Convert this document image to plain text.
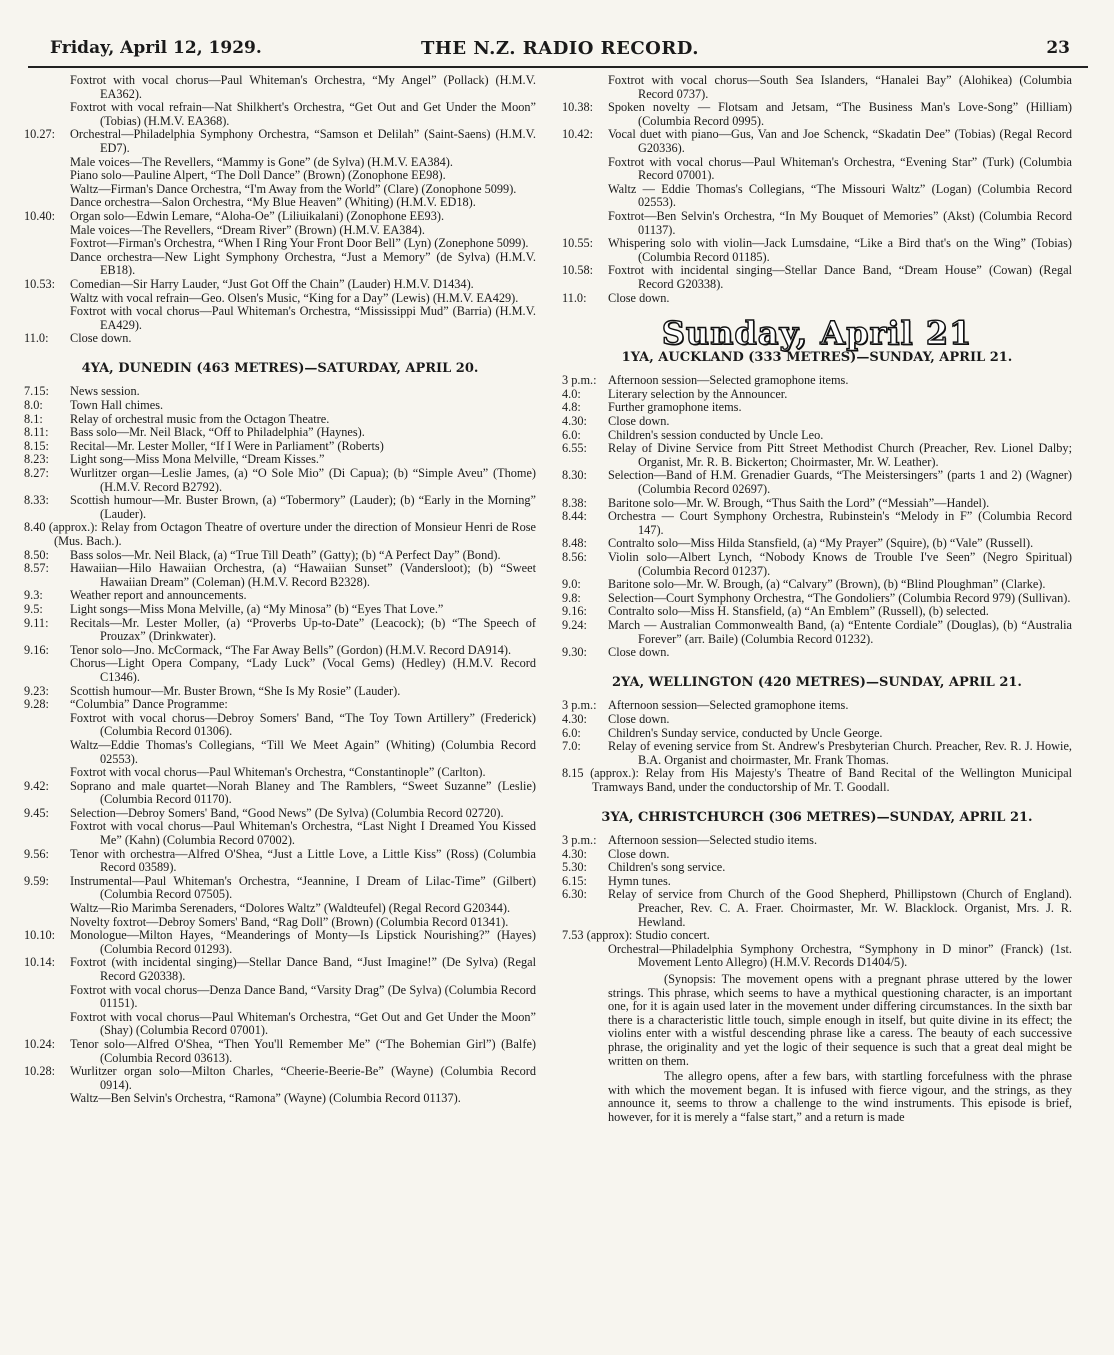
Friday, April 12, 1929.	THE N.Z. RADIO RECORD.	23
Foxtrot with vocal chorus—Paul Whiteman's Orchestra, “My Angel” (Pollack) (H.M.V. EA362).
Foxtrot with vocal refrain—Nat Shilkhert's Orchestra, “Get Out and Get Under the Moon” (Tobias) (H.M.V. EA368).
10.27: Orchestral—Philadelphia Symphony Orchestra, “Samson et Delilah” (Saint-Saens) (H.M.V. ED7).
Male voices—The Revellers, “Mammy is Gone” (de Sylva) (H.M.V. EA384).
Piano solo—Pauline Alpert, “The Doll Dance” (Brown) (Zonophone EE98).
Waltz—Firman's Dance Orchestra, “I'm Away from the World” (Clare) (Zonophone 5099).
Dance orchestra—Salon Orchestra, “My Blue Heaven” (Whiting) (H.M.V. ED18).
10.40: Organ solo—Edwin Lemare, “Aloha-Oe” (Liliuikalani) (Zonophone EE93).
Male voices—The Revellers, “Dream River” (Brown) (H.M.V. EA384).
Foxtrot—Firman's Orchestra, “When I Ring Your Front Door Bell” (Lyn) (Zonephone 5099).
Dance orchestra—New Light Symphony Orchestra, “Just a Memory” (de Sylva) (H.M.V. EB18).
10.53: Comedian—Sir Harry Lauder, “Just Got Off the Chain” (Lauder) H.M.V. D1434).
Waltz with vocal refrain—Geo. Olsen's Music, “King for a Day” (Lewis) (H.M.V. EA429).
Foxtrot with vocal chorus—Paul Whiteman's Orchestra, “Mississippi Mud” (Barria) (H.M.V. EA429).
11.0: Close down.
4YA, DUNEDIN (463 METRES)—SATURDAY, APRIL 20.
7.15: News session.
8.0: Town Hall chimes.
8.1: Relay of orchestral music from the Octagon Theatre.
8.11: Bass solo—Mr. Neil Black, “Off to Philadelphia” (Haynes).
8.15: Recital—Mr. Lester Moller, “If I Were in Parliament” (Roberts)
8.23: Light song—Miss Mona Melville, “Dream Kisses.”
8.27: Wurlitzer organ—Leslie James, (a) “O Sole Mio” (Di Capua); (b) “Simple Aveu” (Thome) (H.M.V. Record B2792).
8.33: Scottish humour—Mr. Buster Brown, (a) “Tobermory” (Lauder); (b) “Early in the Morning” (Lauder).
8.40 (approx.): Relay from Octagon Theatre of overture under the direction of Monsieur Henri de Rose (Mus. Bach.).
8.50: Bass solos—Mr. Neil Black, (a) “True Till Death” (Gatty); (b) “A Perfect Day” (Bond).
8.57: Hawaiian—Hilo Hawaiian Orchestra, (a) “Hawaiian Sunset” (Vandersloot); (b) “Sweet Hawaiian Dream” (Coleman) (H.M.V. Record B2328).
9.3: Weather report and announcements.
9.5: Light songs—Miss Mona Melville, (a) “My Minosa” (b) “Eyes That Love.”
9.11: Recitals—Mr. Lester Moller, (a) “Proverbs Up-to-Date” (Leacock); (b) “The Speech of Prouzax” (Drinkwater).
9.16: Tenor solo—Jno. McCormack, “The Far Away Bells” (Gordon) (H.M.V. Record DA914).
Chorus—Light Opera Company, “Lady Luck” (Vocal Gems) (Hedley) (H.M.V. Record C1346).
9.23: Scottish humour—Mr. Buster Brown, “She Is My Rosie” (Lauder).
9.28: “Columbia” Dance Programme:
Foxtrot with vocal chorus—Debroy Somers' Band, “The Toy Town Artillery” (Frederick) (Columbia Record 01306).
Waltz—Eddie Thomas's Collegians, “Till We Meet Again” (Whiting) (Columbia Record 02553).
Foxtrot with vocal chorus—Paul Whiteman's Orchestra, “Constantinople” (Carlton).
9.42: Soprano and male quartet—Norah Blaney and The Ramblers, “Sweet Suzanne” (Leslie) (Columbia Record 01170).
9.45: Selection—Debroy Somers' Band, “Good News” (De Sylva) (Columbia Record 02720).
Foxtrot with vocal chorus—Paul Whiteman's Orchestra, “Last Night I Dreamed You Kissed Me” (Kahn) (Columbia Record 07002).
9.56: Tenor with orchestra—Alfred O'Shea, “Just a Little Love, a Little Kiss” (Ross) (Columbia Record 03589).
9.59: Instrumental—Paul Whiteman's Orchestra, “Jeannine, I Dream of Lilac-Time” (Gilbert) (Columbia Record 07505).
Waltz—Rio Marimba Serenaders, “Dolores Waltz” (Waldteufel) (Regal Record G20344).
Novelty foxtrot—Debroy Somers' Band, “Rag Doll” (Brown) (Columbia Record 01341).
10.10: Monologue—Milton Hayes, “Meanderings of Monty—Is Lipstick Nourishing?” (Hayes) (Columbia Record 01293).
10.14: Foxtrot (with incidental singing)—Stellar Dance Band, “Just Imagine!” (De Sylva) (Regal Record G20338).
Foxtrot with vocal chorus—Denza Dance Band, “Varsity Drag” (De Sylva) (Columbia Record 01151).
Foxtrot with vocal chorus—Paul Whiteman's Orchestra, “Get Out and Get Under the Moon” (Shay) (Columbia Record 07001).
10.24: Tenor solo—Alfred O'Shea, “Then You'll Remember Me” (“The Bohemian Girl”) (Balfe) (Columbia Record 03613).
10.28: Wurlitzer organ solo—Milton Charles, “Cheerie-Beerie-Be” (Wayne) (Columbia Record 0914).
Waltz—Ben Selvin's Orchestra, “Ramona” (Wayne) (Columbia Record 01137).
Foxtrot with vocal chorus—South Sea Islanders, “Hanalei Bay” (Alohikea) (Columbia Record 0737).
10.38: Spoken novelty — Flotsam and Jetsam, “The Business Man's Love-Song” (Hilliam) (Columbia Record 0995).
10.42: Vocal duet with piano—Gus, Van and Joe Schenck, “Skadatin Dee” (Tobias) (Regal Record G20336).
Foxtrot with vocal chorus—Paul Whiteman's Orchestra, “Evening Star” (Turk) (Columbia Record 07001).
Waltz — Eddie Thomas's Collegians, “The Missouri Waltz” (Logan) (Columbia Record 02553).
Foxtrot—Ben Selvin's Orchestra, “In My Bouquet of Memories” (Akst) (Columbia Record 01137).
10.55: Whispering solo with violin—Jack Lumsdaine, “Like a Bird that's on the Wing” (Tobias) (Columbia Record 01185).
10.58: Foxtrot with incidental singing—Stellar Dance Band, “Dream House” (Cowan) (Regal Record G20338).
11.0: Close down.
Sunday, April 21
1YA, AUCKLAND (333 METRES)—SUNDAY, APRIL 21.
3 p.m.: Afternoon session—Selected gramophone items.
4.0: Literary selection by the Announcer.
4.8: Further gramophone items.
4.30: Close down.
6.0: Children's session conducted by Uncle Leo.
6.55: Relay of Divine Service from Pitt Street Methodist Church (Preacher, Rev. Lionel Dalby; Organist, Mr. R. B. Bickerton; Choirmaster, Mr. W. Leather).
8.30: Selection—Band of H.M. Grenadier Guards, “The Meistersingers” (parts 1 and 2) (Wagner) (Columbia Record 02697).
8.38: Baritone solo—Mr. W. Brough, “Thus Saith the Lord” (“Messiah”—Handel).
8.44: Orchestra — Court Symphony Orchestra, Rubinstein's “Melody in F” (Columbia Record 147).
8.48: Contralto solo—Miss Hilda Stansfield, (a) “My Prayer” (Squire), (b) “Vale” (Russell).
8.56: Violin solo—Albert Lynch, “Nobody Knows de Trouble I've Seen” (Negro Spiritual) (Columbia Record 01237).
9.0: Baritone solo—Mr. W. Brough, (a) “Calvary” (Brown), (b) “Blind Ploughman” (Clarke).
9.8: Selection—Court Symphony Orchestra, “The Gondoliers” (Columbia Record 979) (Sullivan).
9.16: Contralto solo—Miss H. Stansfield, (a) “An Emblem” (Russell), (b) selected.
9.24: March — Australian Commonwealth Band, (a) “Entente Cordiale” (Douglas), (b) “Australia Forever” (arr. Baile) (Columbia Record 01232).
9.30: Close down.
2YA, WELLINGTON (420 METRES)—SUNDAY, APRIL 21.
3 p.m.: Afternoon session—Selected gramophone items.
4.30: Close down.
6.0: Children's Sunday service, conducted by Uncle George.
7.0: Relay of evening service from St. Andrew's Presbyterian Church. Preacher, Rev. R. J. Howie, B.A. Organist and choirmaster, Mr. Frank Thomas.
8.15 (approx.): Relay from His Majesty's Theatre of Band Recital of the Wellington Municipal Tramways Band, under the conductorship of Mr. T. Goodall.
3YA, CHRISTCHURCH (306 METRES)—SUNDAY, APRIL 21.
3 p.m.: Afternoon session—Selected studio items.
4.30: Close down.
5.30: Children's song service.
6.15: Hymn tunes.
6.30: Relay of service from Church of the Good Shepherd, Phillipstown (Church of England). Preacher, Rev. C. A. Fraer. Choirmaster, Mr. W. Blacklock. Organist, Mrs. J. R. Hewland.
7.53 (approx): Studio concert.
Orchestral—Philadelphia Symphony Orchestra, “Symphony in D minor” (Franck) (1st. Movement Lento Allegro) (H.M.V. Records D1404/5).

(Synopsis: The movement opens with a pregnant phrase uttered by the lower strings. This phrase, which seems to have a mythical questioning character, is an important one, for it is again used later in the movement under differing circumstances. In the sixth bar there is a characteristic little touch, simple enough in itself, but quite divine in its effect; the violins enter with a wistful descending phrase like a caress. The beauty of each successive phrase, the originality and yet the logic of their sequence is such that a great deal might be written on them.

The allegro opens, after a few bars, with startling forcefulness with the phrase with which the movement began. It is infused with fierce vigour, and the strings, as they announce it, seems to throw a challenge to the wind instruments. This episode is brief, however, for it is merely a “false start,” and a return is made
